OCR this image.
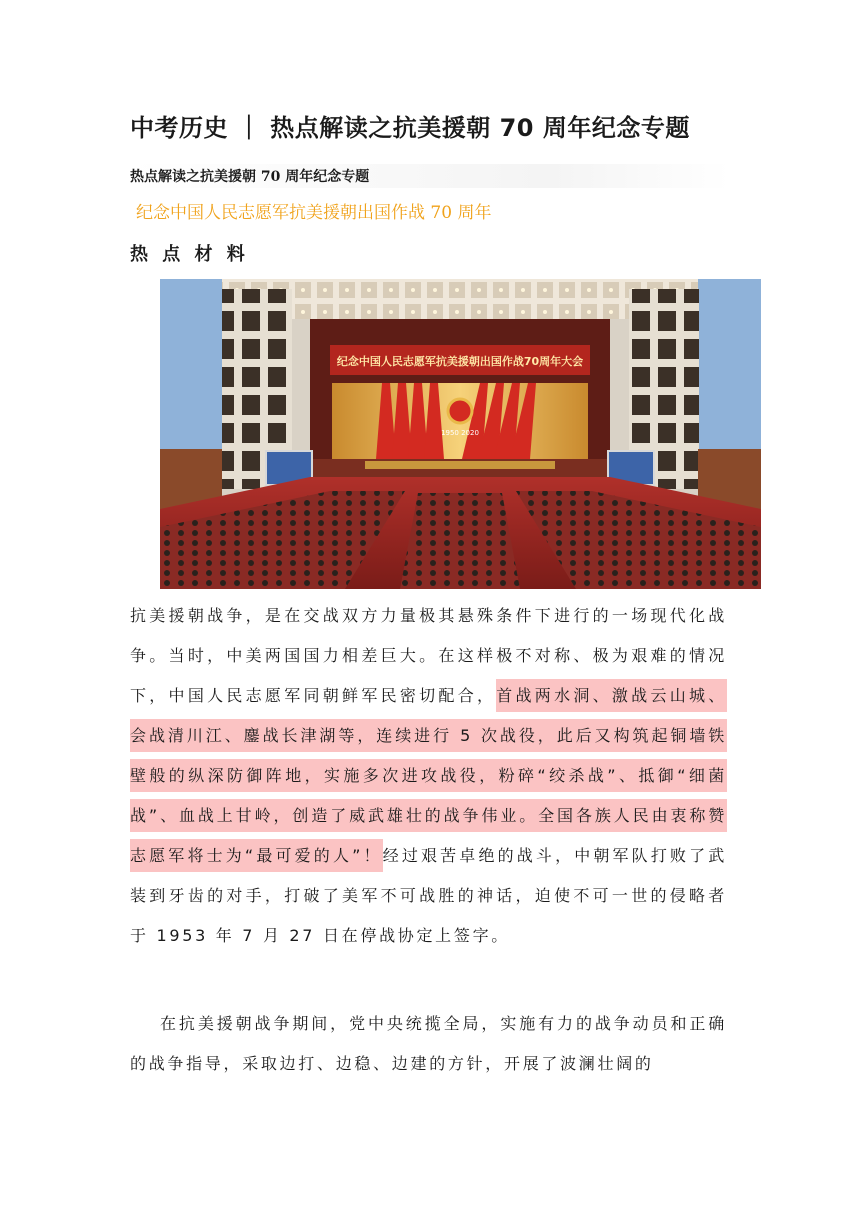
中考历史 ｜ 热点解读之抗美援朝 70 周年纪念专题
热点解读之抗美援朝 70 周年纪念专题
纪念中国人民志愿军抗美援朝出国作战 70 周年
热 点 材 料
纪念中国人民志愿军抗美援朝出国作战70周年大会
1950 2020

抗美援朝战争，是在交战双方力量极其悬殊条件下进行的一场现代化战争。当时，中美两国国力相差巨大。在这样极不对称、极为艰难的情况下，中国人民志愿军同朝鲜军民密切配合，首战两水洞、激战云山城、会战清川江、鏖战长津湖等，连续进行 5 次战役，此后又构筑起铜墙铁壁般的纵深防御阵地，实施多次进攻战役，粉碎“绞杀战”、抵御“细菌战”、血战上甘岭，创造了威武雄壮的战争伟业。全国各族人民由衷称赞志愿军将士为“最可爱的人”！经过艰苦卓绝的战斗，中朝军队打败了武装到牙齿的对手，打破了美军不可战胜的神话，迫使不可一世的侵略者于 1953 年 7 月 27 日在停战协定上签字。

在抗美援朝战争期间，党中央统揽全局，实施有力的战争动员和正确的战争指导，采取边打、边稳、边建的方针，开展了波澜壮阔的
